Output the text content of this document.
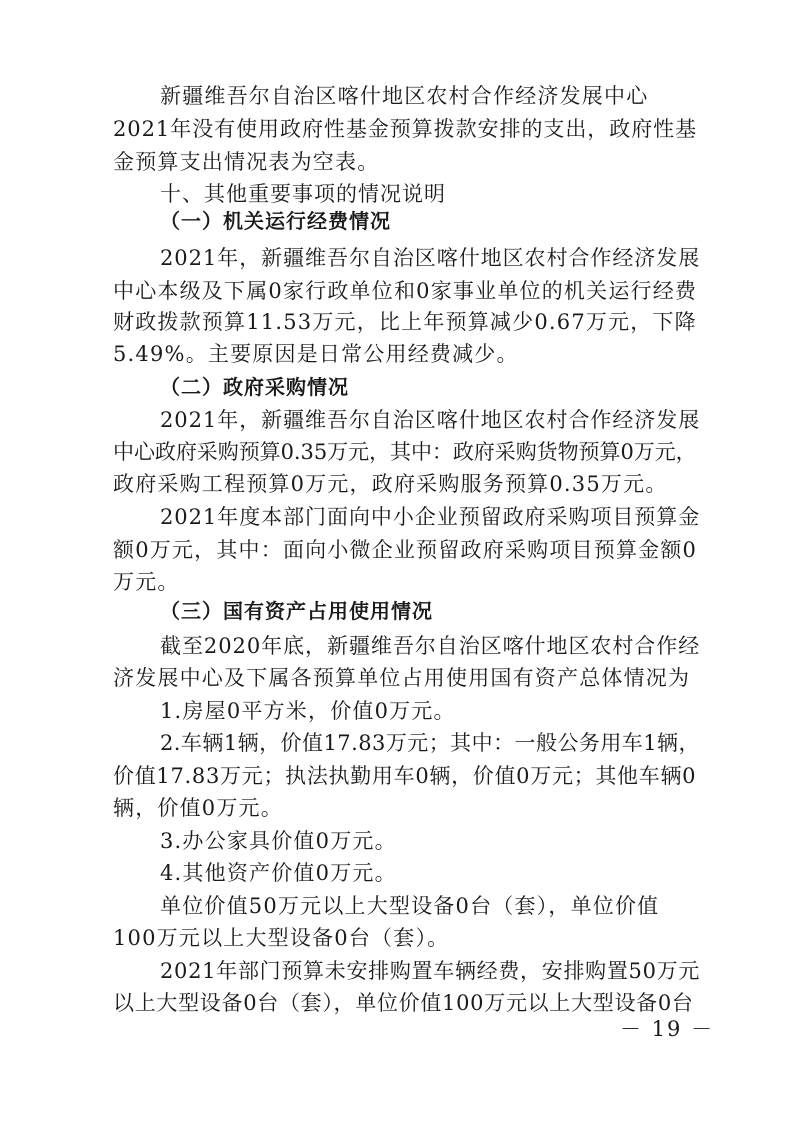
新疆维吾尔自治区喀什地区农村合作经济发展中心
2021年没有使用政府性基金预算拨款安排的支出，政府性基
金预算支出情况表为空表。
十、其他重要事项的情况说明
（一）机关运行经费情况
2021年，新疆维吾尔自治区喀什地区农村合作经济发展
中心本级及下属0家行政单位和0家事业单位的机关运行经费
财政拨款预算11.53万元，比上年预算减少0.67万元，下降
5.49%。主要原因是日常公用经费减少。
（二）政府采购情况
2021年，新疆维吾尔自治区喀什地区农村合作经济发展
中心政府采购预算0.35万元，其中：政府采购货物预算0万元，
政府采购工程预算0万元，政府采购服务预算0.35万元。
2021年度本部门面向中小企业预留政府采购项目预算金
额0万元，其中：面向小微企业预留政府采购项目预算金额0
万元。
（三）国有资产占用使用情况
截至2020年底，新疆维吾尔自治区喀什地区农村合作经
济发展中心及下属各预算单位占用使用国有资产总体情况为
1.房屋0平方米，价值0万元。
2.车辆1辆，价值17.83万元；其中：一般公务用车1辆，
价值17.83万元；执法执勤用车0辆，价值0万元；其他车辆0
辆，价值0万元。
3.办公家具价值0万元。
4.其他资产价值0万元。
单位价值50万元以上大型设备0台（套），单位价值
100万元以上大型设备0台（套）。
2021年部门预算未安排购置车辆经费，安排购置50万元
以上大型设备0台（套），单位价值100万元以上大型设备0台
－ 19 －
